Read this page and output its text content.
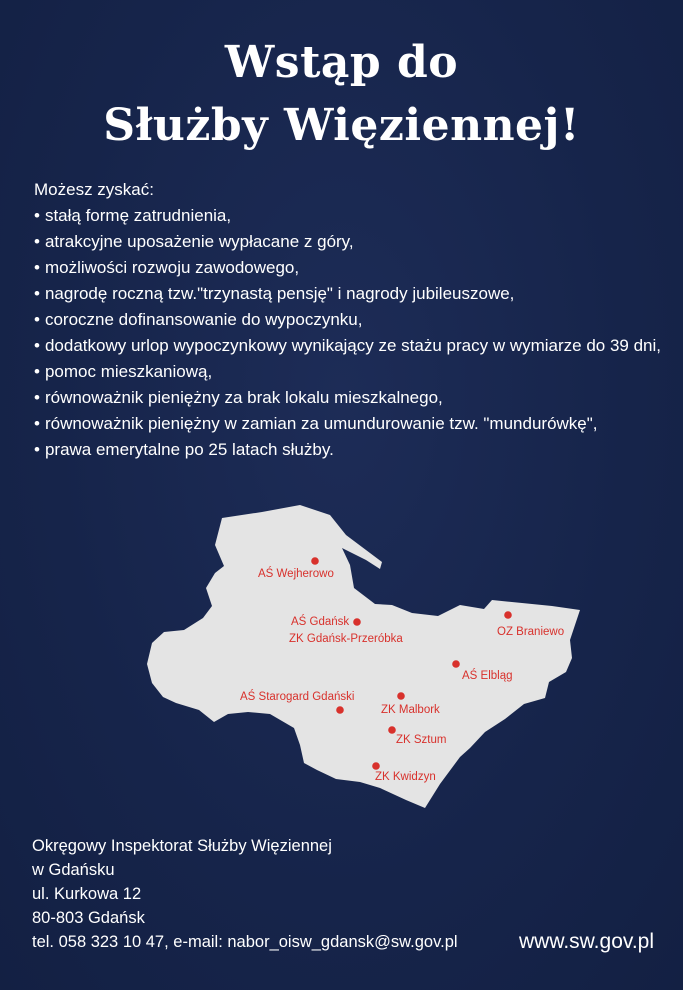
Wstąp do
Służby Więziennej!
Możesz zyskać:
• stałą formę zatrudnienia,
• atrakcyjne uposażenie wypłacane z góry,
• możliwości rozwoju zawodowego,
• nagrodę roczną tzw."trzynastą pensję" i nagrody jubileuszowe,
• coroczne dofinansowanie do wypoczynku,
• dodatkowy urlop wypoczynkowy wynikający ze stażu pracy w wymiarze do 39 dni,
• pomoc mieszkaniową,
• równoważnik pieniężny za brak lokalu mieszkalnego,
• równoważnik pieniężny w zamian za umundurowanie tzw. "mundurówkę",
• prawa emerytalne po 25 latach służby.
AŚ Wejherowo
AŚ Gdańsk
ZK Gdańsk-Przeróbka
OZ Braniewo
AŚ Elbląg
AŚ Starogard Gdański
ZK Malbork
ZK Sztum
ZK Kwidzyn
Okręgowy Inspektorat Służby Więziennej
w Gdańsku
ul. Kurkowa 12
80-803 Gdańsk
tel. 058 323 10 47, e-mail: nabor_oisw_gdansk@sw.gov.pl	www.sw.gov.pl
